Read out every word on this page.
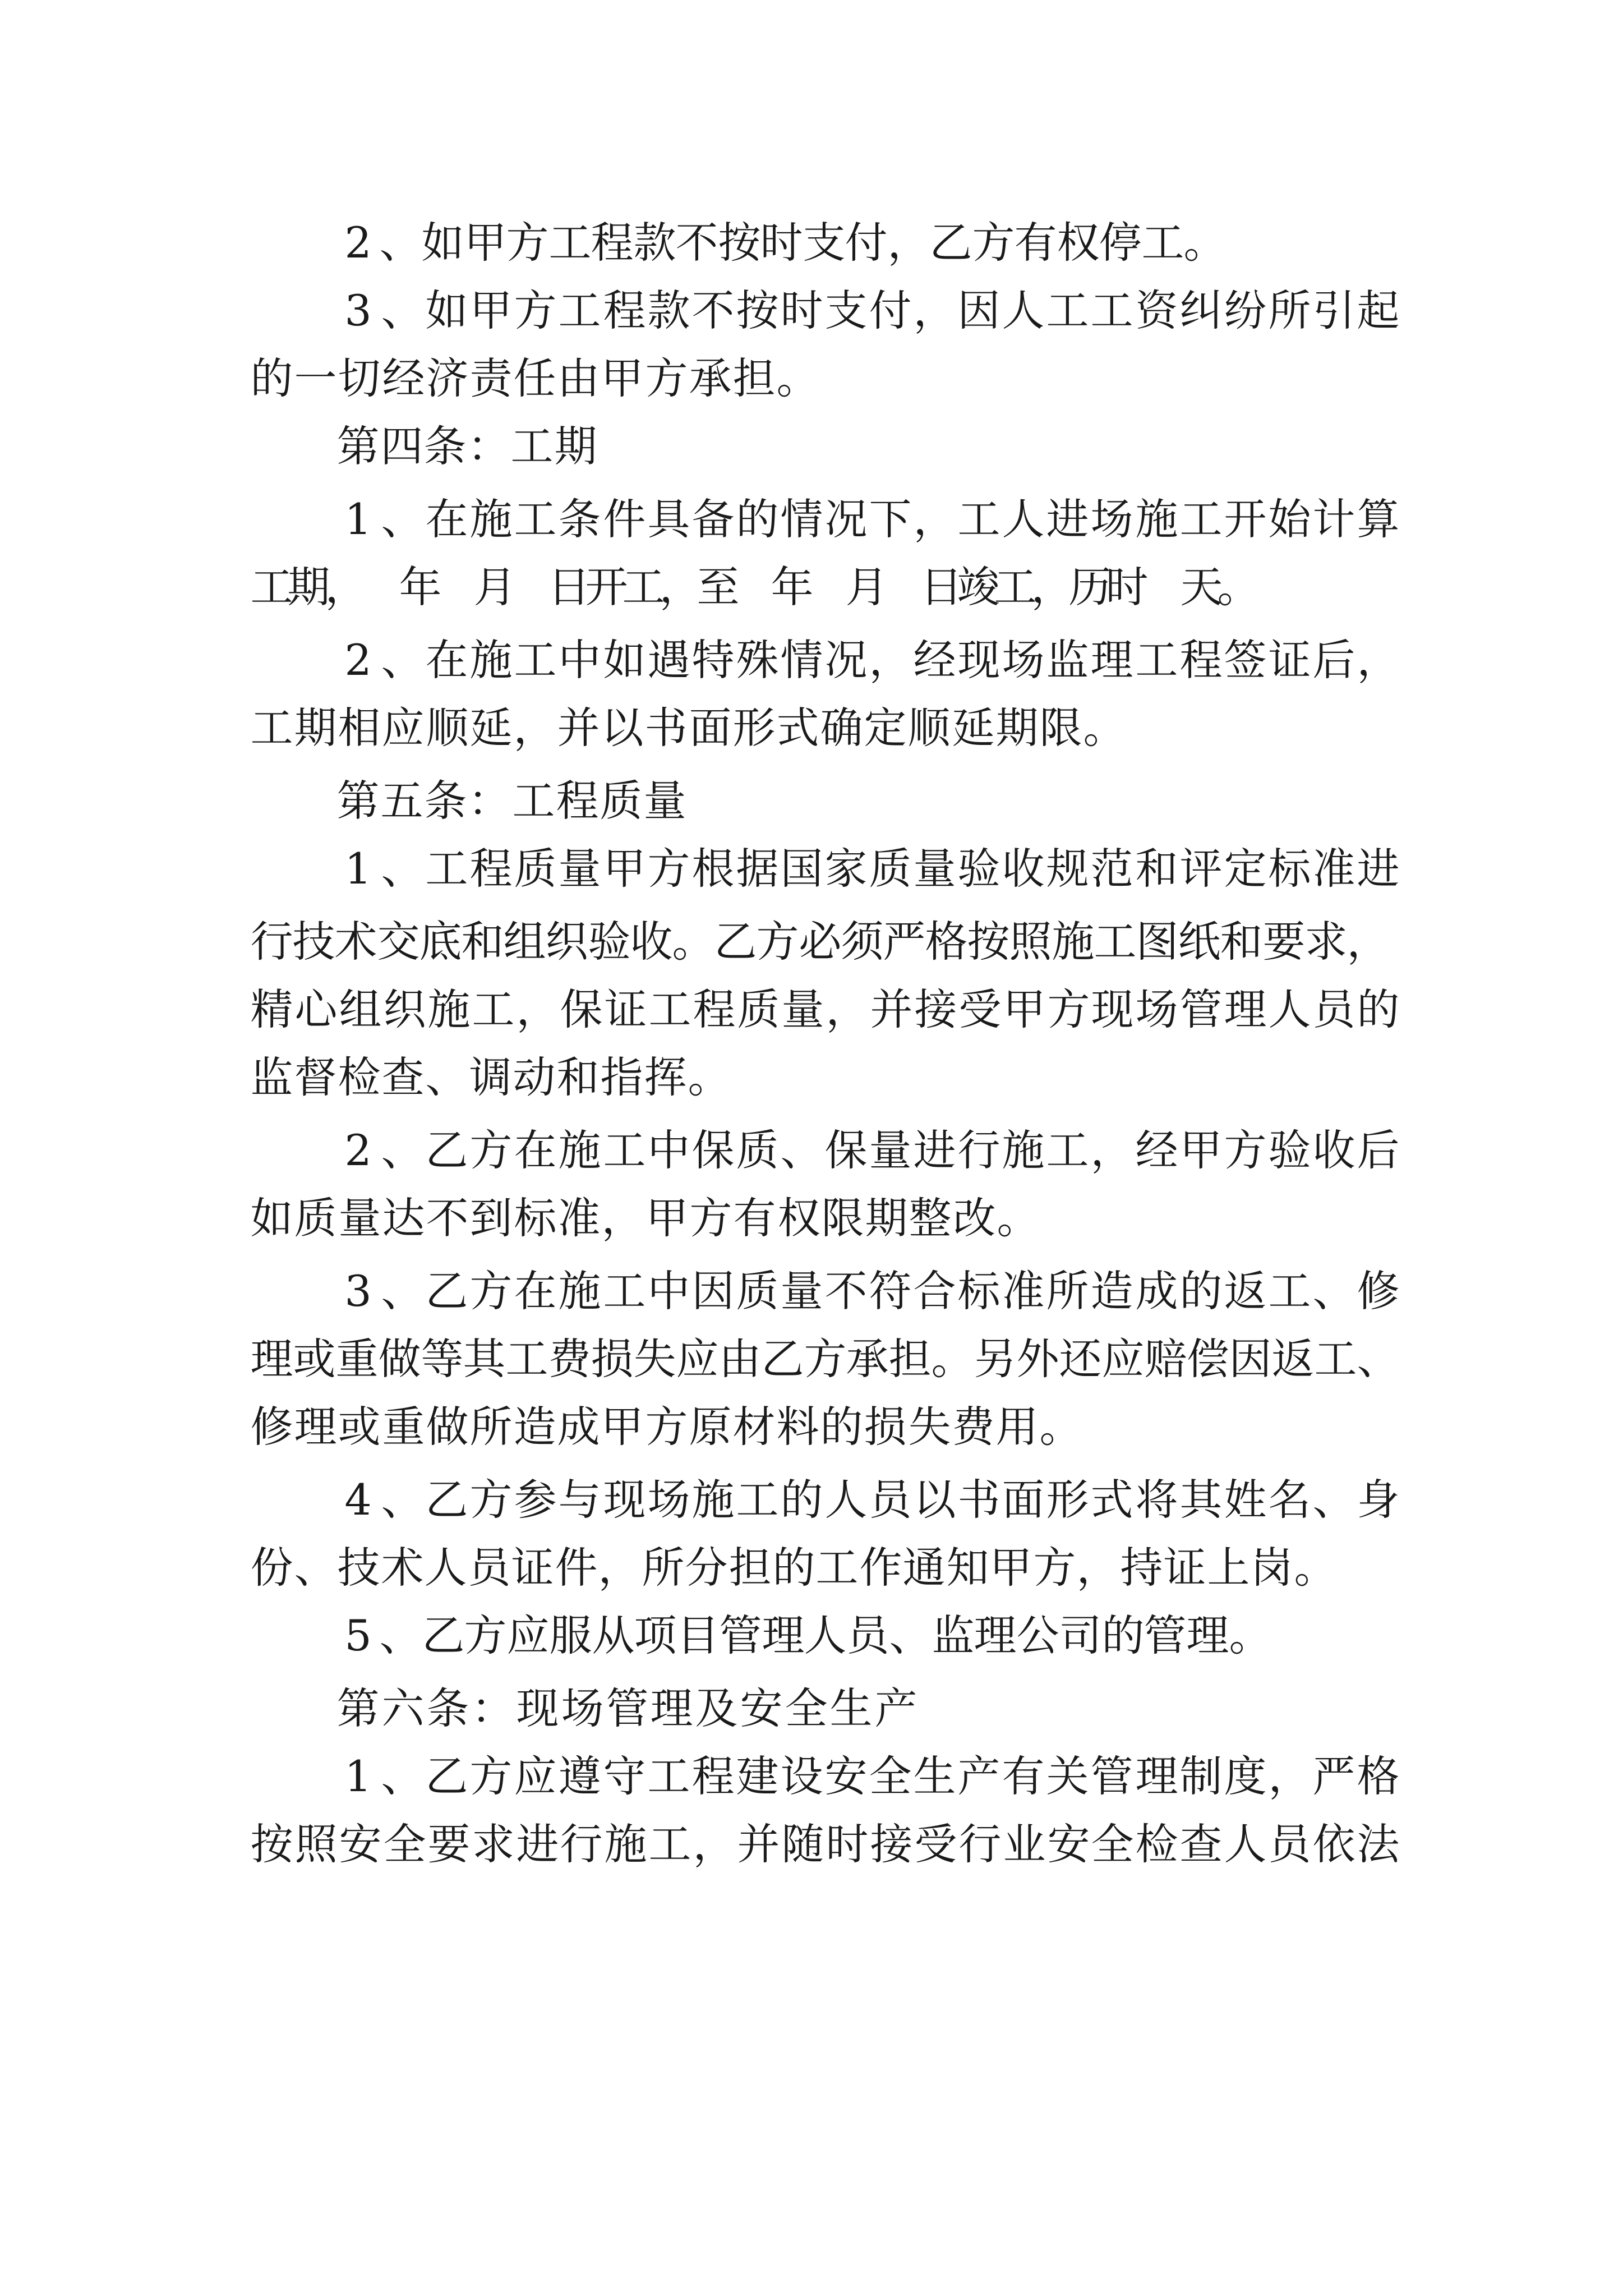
2 、 如 甲 方 工 程 款 不 按 时 支 付 ， 乙 方 有 权 停 工 。
3 、 如 甲 方 工 程 款 不 按 时 支 付 ， 因 人 工 工 资 纠 纷 所 引 起
的 一 切 经 济 责 任 由 甲 方 承 担 。
第 四 条 ： 工 期
1 、 在 施 工 条 件 具 备 的 情 况 下 ， 工 人 进 场 施 工 开 始 计 算
工
期
，
年
月
日
开
工
，
至
年
月
日
竣
工
，
历
时
天
。
2 、 在 施 工 中 如 遇 特 殊 情 况 ， 经 现 场 监 理 工 程 签 证 后 ，
工 期 相 应 顺 延 ， 并 以 书 面 形 式 确 定 顺 延 期 限 。
第 五 条 ： 工 程 质 量
1 、 工 程 质 量 甲 方 根 据 国 家 质 量 验 收 规 范 和 评 定 标 准 进
行 技 术 交 底 和 组 织 验 收 。 乙 方 必 须 严 格 按 照 施 工 图 纸 和 要 求 ，
精 心 组 织 施 工 ， 保 证 工 程 质 量 ， 并 接 受 甲 方 现 场 管 理 人 员 的
监 督 检 查 、 调 动 和 指 挥 。
2 、 乙 方 在 施 工 中 保 质 、 保 量 进 行 施 工 ， 经 甲 方 验 收 后
如 质 量 达 不 到 标 准 ， 甲 方 有 权 限 期 整 改 。
3 、 乙 方 在 施 工 中 因 质 量 不 符 合 标 准 所 造 成 的 返 工 、 修
理 或 重 做 等 其 工 费 损 失 应 由 乙 方 承 担 。 另 外 还 应 赔 偿 因 返 工 、
修 理 或 重 做 所 造 成 甲 方 原 材 料 的 损 失 费 用 。
4 、 乙 方 参 与 现 场 施 工 的 人 员 以 书 面 形 式 将 其 姓 名 、 身
份 、 技 术 人 员 证 件 ， 所 分 担 的 工 作 通 知 甲 方 ， 持 证 上 岗 。
5 、 乙 方 应 服 从 项 目 管 理 人 员 、 监 理 公 司 的 管 理 。
第 六 条 ： 现 场 管 理 及 安 全 生 产
1 、 乙 方 应 遵 守 工 程 建 设 安 全 生 产 有 关 管 理 制 度 ， 严 格
按 照 安 全 要 求 进 行 施 工 ， 并 随 时 接 受 行 业 安 全 检 查 人 员 依 法
